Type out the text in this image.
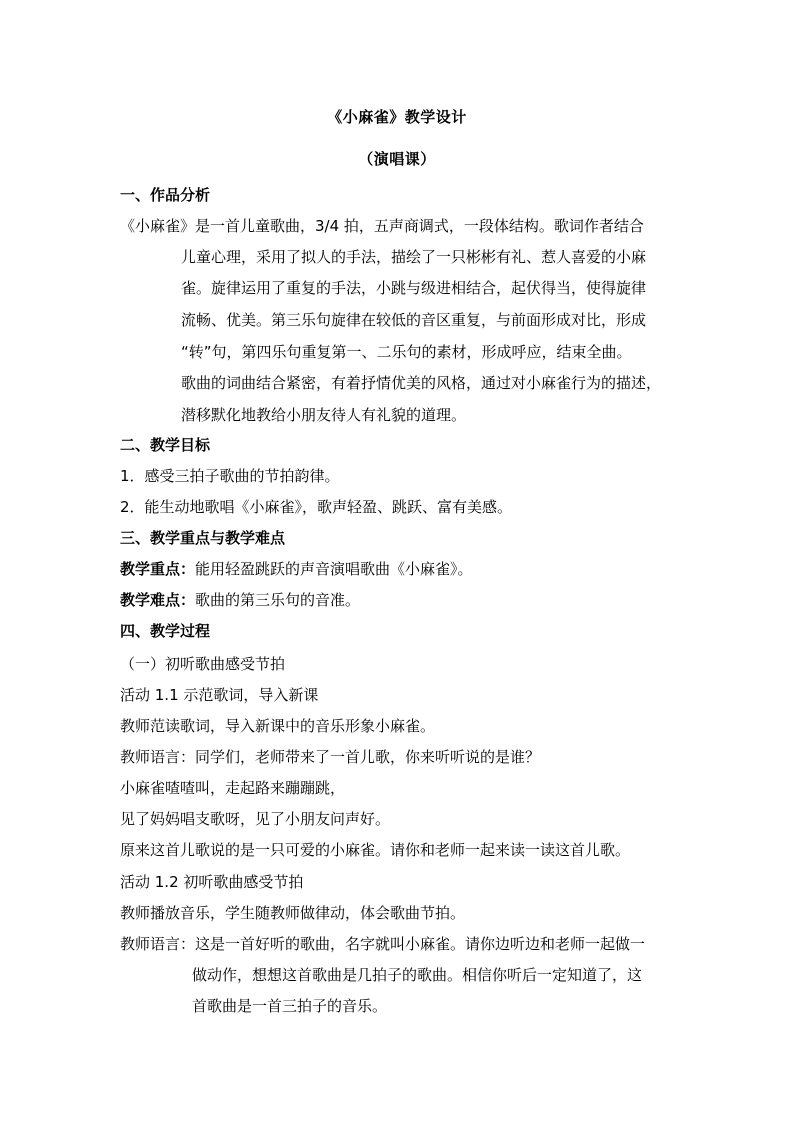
《小麻雀》教学设计
（演唱课）
一、作品分析
《小麻雀》是一首儿童歌曲，3/4 拍，五声商调式，一段体结构。歌词作者结合
儿童心理，采用了拟人的手法，描绘了一只彬彬有礼、惹人喜爱的小麻
雀。旋律运用了重复的手法，小跳与级进相结合，起伏得当，使得旋律
流畅、优美。第三乐句旋律在较低的音区重复，与前面形成对比，形成
“转”句，第四乐句重复第一、二乐句的素材，形成呼应，结束全曲。
歌曲的词曲结合紧密，有着抒情优美的风格，通过对小麻雀行为的描述，
潜移默化地教给小朋友待人有礼貌的道理。
二、教学目标
1．感受三拍子歌曲的节拍韵律。
2．能生动地歌唱《小麻雀》，歌声轻盈、跳跃、富有美感。
三、教学重点与教学难点
教学重点：能用轻盈跳跃的声音演唱歌曲《小麻雀》。
教学难点：歌曲的第三乐句的音准。
四、教学过程
（一）初听歌曲感受节拍
活动 1.1 示范歌词，导入新课
教师范读歌词，导入新课中的音乐形象小麻雀。
教师语言：同学们，老师带来了一首儿歌，你来听听说的是谁？
小麻雀喳喳叫，走起路来蹦蹦跳，
见了妈妈唱支歌呀，见了小朋友问声好。
原来这首儿歌说的是一只可爱的小麻雀。请你和老师一起来读一读这首儿歌。
活动 1.2 初听歌曲感受节拍
教师播放音乐，学生随教师做律动，体会歌曲节拍。
教师语言：这是一首好听的歌曲，名字就叫小麻雀。请你边听边和老师一起做一
做动作，想想这首歌曲是几拍子的歌曲。相信你听后一定知道了，这
首歌曲是一首三拍子的音乐。
